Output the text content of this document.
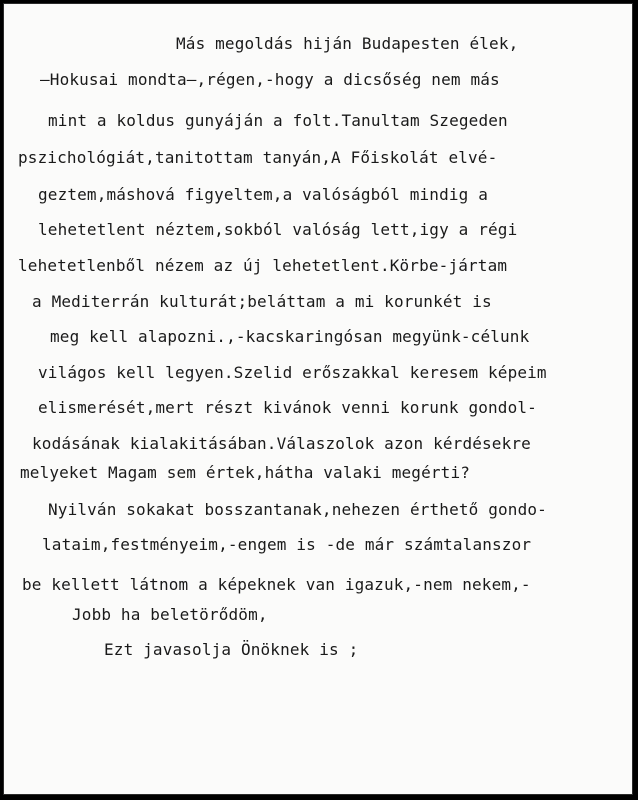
Más megoldás hiján Budapesten élek,
—Hokusai mondta—,régen,-hogy a dicsőség nem más
mint a koldus gunyáján a folt.Tanultam Szegeden
pszichológiát,tanitottam tanyán,A Főiskolát elvé-
geztem,máshová figyeltem,a valóságból mindig a
lehetetlent néztem,sokból valóság lett,igy a régi
lehetetlenből nézem az új lehetetlent.Körbe-jártam
a Mediterrán kulturát;beláttam a mi korunkét is
meg kell alapozni.,-kacskaringósan megyünk-célunk
világos kell legyen.Szelid erőszakkal keresem képeim
elismerését,mert részt kivánok venni korunk gondol-
kodásának kialakitásában.Válaszolok azon kérdésekre
melyeket Magam sem értek,hátha valaki megérti?
Nyilván sokakat bosszantanak,nehezen érthető gondo-
lataim,festményeim,-engem is -de már számtalanszor
be kellett látnom a képeknek van igazuk,-nem nekem,-
Jobb ha beletörődöm,
Ezt javasolja Önöknek is ;
